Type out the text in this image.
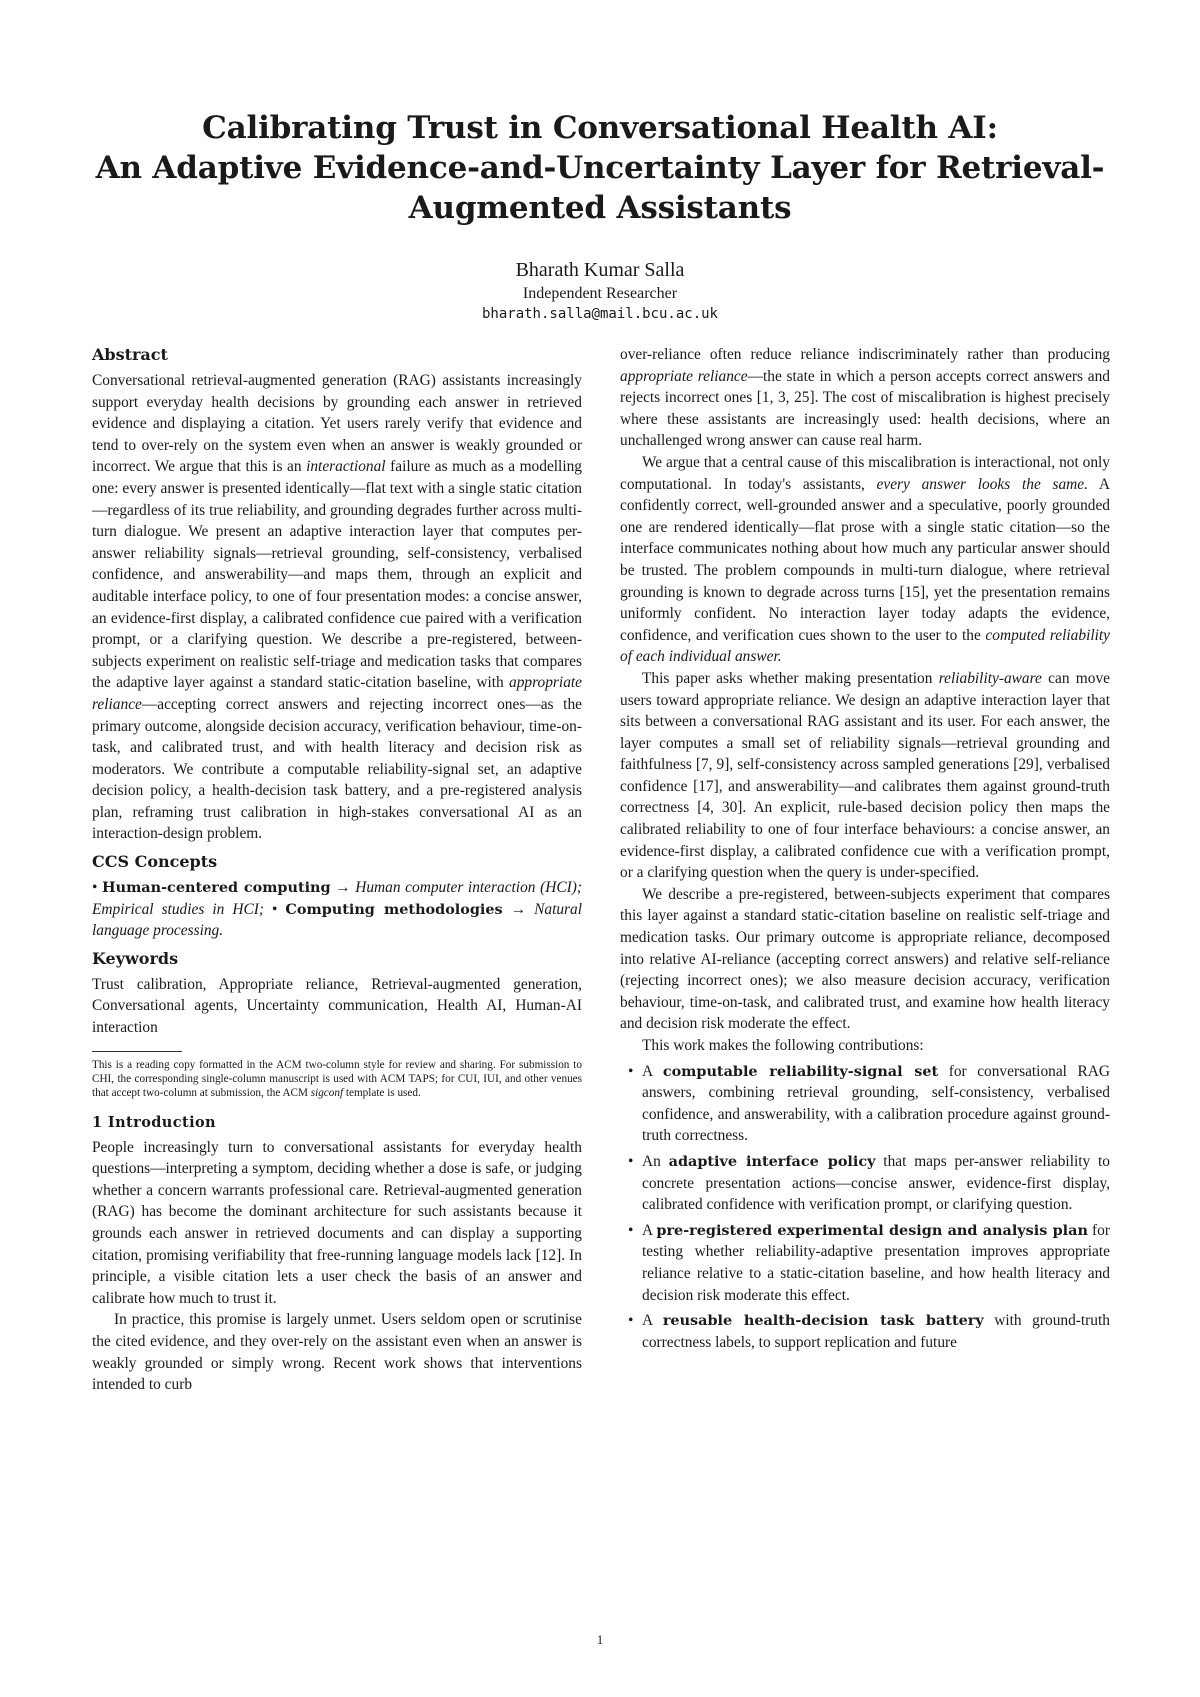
Calibrating Trust in Conversational Health AI:
An Adaptive Evidence-and-Uncertainty Layer for Retrieval-
Augmented Assistants
Bharath Kumar Salla
Independent Researcher
bharath.salla@mail.bcu.ac.uk
Abstract

Conversational retrieval-augmented generation (RAG) assistants increasingly support everyday health decisions by grounding each answer in retrieved evidence and displaying a citation. Yet users rarely verify that evidence and tend to over-rely on the system even when an answer is weakly grounded or incorrect. We argue that this is an interactional failure as much as a modelling one: every answer is presented identically—flat text with a single static citation—regardless of its true reliability, and grounding degrades further across multi-turn dialogue. We present an adaptive interaction layer that computes per-answer reliability signals—retrieval grounding, self-consistency, verbalised confidence, and answerability—and maps them, through an explicit and auditable interface policy, to one of four presentation modes: a concise answer, an evidence-first display, a calibrated confidence cue paired with a verification prompt, or a clarifying question. We describe a pre-registered, between-subjects experiment on realistic self-triage and medication tasks that compares the adaptive layer against a standard static-citation baseline, with appropriate reliance—accepting correct answers and rejecting incorrect ones—as the primary outcome, alongside decision accuracy, verification behaviour, time-on-task, and calibrated trust, and with health literacy and decision risk as moderators. We contribute a computable reliability-signal set, an adaptive decision policy, a health-decision task battery, and a pre-registered analysis plan, reframing trust calibration in high-stakes conversational AI as an interaction-design problem.

CCS Concepts

• Human-centered computing → Human computer interaction (HCI); Empirical studies in HCI; • Computing methodologies → Natural language processing.

Keywords

Trust calibration, Appropriate reliance, Retrieval-augmented generation, Conversational agents, Uncertainty communication, Health AI, Human-AI interaction

This is a reading copy formatted in the ACM two-column style for review and sharing. For submission to CHI, the corresponding single-column manuscript is used with ACM TAPS; for CUI, IUI, and other venues that accept two-column at submission, the ACM sigconf template is used.

1 Introduction

People increasingly turn to conversational assistants for everyday health questions—interpreting a symptom, deciding whether a dose is safe, or judging whether a concern warrants professional care. Retrieval-augmented generation (RAG) has become the dominant architecture for such assistants because it grounds each answer in retrieved documents and can display a supporting citation, promising verifiability that free-running language models lack [12]. In principle, a visible citation lets a user check the basis of an answer and calibrate how much to trust it.

In practice, this promise is largely unmet. Users seldom open or scrutinise the cited evidence, and they over-rely on the assistant even when an answer is weakly grounded or simply wrong. Recent work shows that interventions intended to curb

over-reliance often reduce reliance indiscriminately rather than producing appropriate reliance—the state in which a person accepts correct answers and rejects incorrect ones [1, 3, 25]. The cost of miscalibration is highest precisely where these assistants are increasingly used: health decisions, where an unchallenged wrong answer can cause real harm.

We argue that a central cause of this miscalibration is interactional, not only computational. In today's assistants, every answer looks the same. A confidently correct, well-grounded answer and a speculative, poorly grounded one are rendered identically—flat prose with a single static citation—so the interface communicates nothing about how much any particular answer should be trusted. The problem compounds in multi-turn dialogue, where retrieval grounding is known to degrade across turns [15], yet the presentation remains uniformly confident. No interaction layer today adapts the evidence, confidence, and verification cues shown to the user to the computed reliability of each individual answer.

This paper asks whether making presentation reliability-aware can move users toward appropriate reliance. We design an adaptive interaction layer that sits between a conversational RAG assistant and its user. For each answer, the layer computes a small set of reliability signals—retrieval grounding and faithfulness [7, 9], self-consistency across sampled generations [29], verbalised confidence [17], and answerability—and calibrates them against ground-truth correctness [4, 30]. An explicit, rule-based decision policy then maps the calibrated reliability to one of four interface behaviours: a concise answer, an evidence-first display, a calibrated confidence cue with a verification prompt, or a clarifying question when the query is under-specified.

We describe a pre-registered, between-subjects experiment that compares this layer against a standard static-citation baseline on realistic self-triage and medication tasks. Our primary outcome is appropriate reliance, decomposed into relative AI-reliance (accepting correct answers) and relative self-reliance (rejecting incorrect ones); we also measure decision accuracy, verification behaviour, time-on-task, and calibrated trust, and examine how health literacy and decision risk moderate the effect.

This work makes the following contributions:

• A computable reliability-signal set for conversational RAG answers, combining retrieval grounding, self-consistency, verbalised confidence, and answerability, with a calibration procedure against ground-truth correctness.
• An adaptive interface policy that maps per-answer reliability to concrete presentation actions—concise answer, evidence-first display, calibrated confidence with verification prompt, or clarifying question.
• A pre-registered experimental design and analysis plan for testing whether reliability-adaptive presentation improves appropriate reliance relative to a static-citation baseline, and how health literacy and decision risk moderate this effect.
• A reusable health-decision task battery with ground-truth correctness labels, to support replication and future
1
